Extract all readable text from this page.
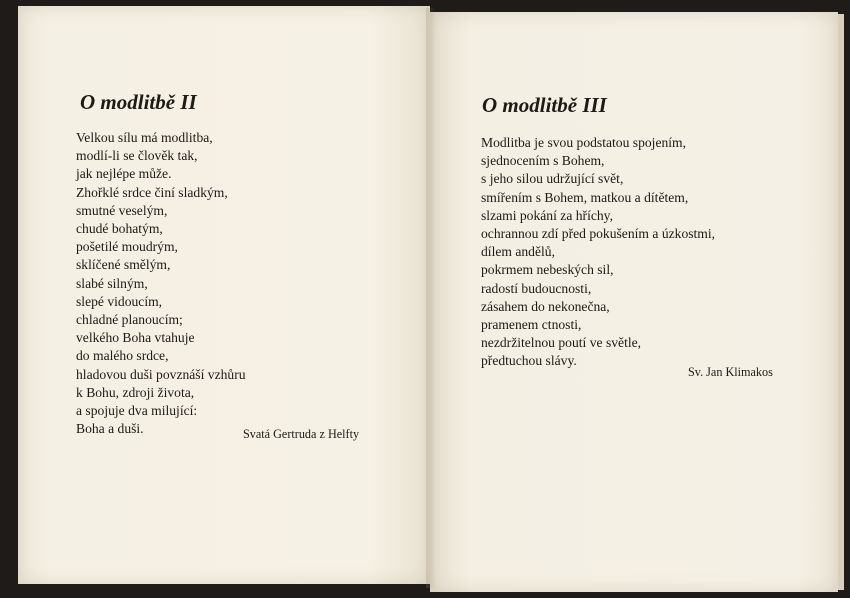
O modlitbě II
Velkou sílu má modlitba,
modlí-li se člověk tak,
jak nejlépe může.
Zhořklé srdce činí sladkým,
smutné veselým,
chudé bohatým,
pošetilé moudrým,
sklíčené smělým,
slabé silným,
slepé vidoucím,
chladné planoucím;
velkého Boha vtahuje
do malého srdce,
hladovou duši povznáší vzhůru
k Bohu, zdroji života,
a spojuje dva milující:
Boha a duši.	Svatá Gertruda z Helfty
O modlitbě III
Modlitba je svou podstatou spojením,
sjednocením s Bohem,
s jeho silou udržující svět,
smířením s Bohem, matkou a dítětem,
slzami pokání za hříchy,
ochrannou zdí před pokušením a úzkostmi,
dílem andělů,
pokrmem nebeských sil,
radostí budoucnosti,
zásahem do nekonečna,
pramenem ctnosti,
nezdržitelnou poutí ve světle,
předtuchou slávy.
Sv. Jan Klimakos
